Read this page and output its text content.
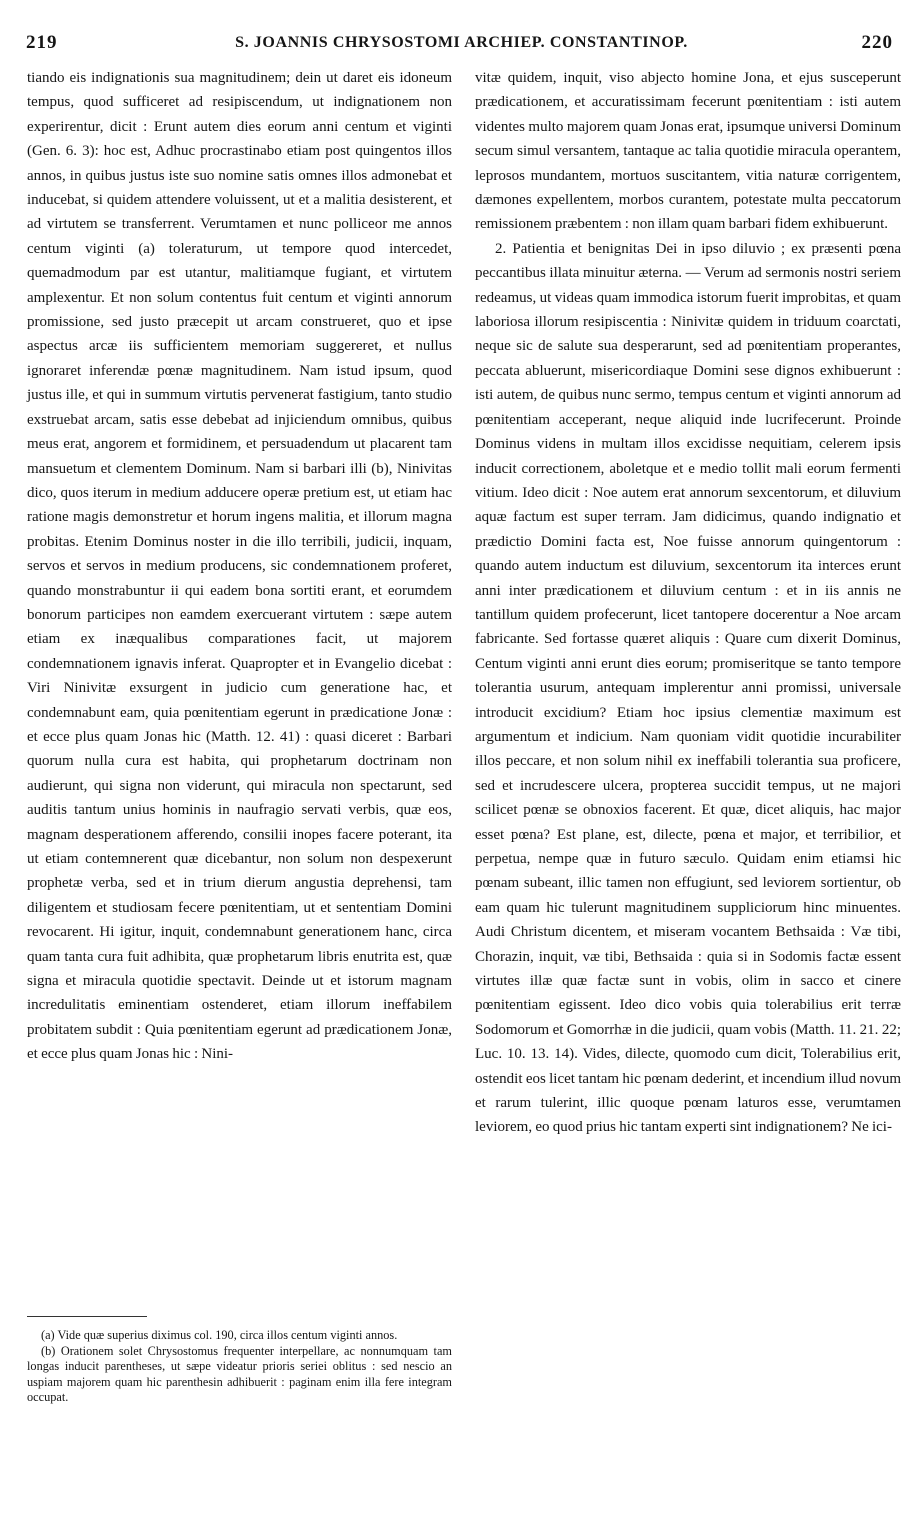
219	S. JOANNIS CHRYSOSTOMI ARCHIEP. CONSTANTINOP.	220

tiando eis indignationis sua magnitudinem; dein ut daret eis idoneum tempus, quod sufficeret ad resipiscendum, ut indignationem non experirentur, dicit : Erunt autem dies eorum anni centum et viginti (Gen. 6. 3): hoc est, Adhuc procrastinabo etiam post quingentos illos annos, in quibus justus iste suo nomine satis omnes illos admonebat et inducebat, si quidem attendere voluissent, ut et a malitia desisterent, et ad virtutem se transferrent. Verumtamen et nunc polliceor me annos centum viginti (a) toleraturum, ut tempore quod intercedet, quemadmodum par est utantur, malitiamque fugiant, et virtutem amplexentur. Et non solum contentus fuit centum et viginti annorum promissione, sed justo præcepit ut arcam construeret, quo et ipse aspectus arcæ iis sufficientem memoriam suggereret, et nullus ignoraret inferendæ pœnæ magnitudinem. Nam istud ipsum, quod justus ille, et qui in summum virtutis pervenerat fastigium, tanto studio exstruebat arcam, satis esse debebat ad injiciendum omnibus, quibus meus erat, angorem et formidinem, et persuadendum ut placarent tam mansuetum et clementem Dominum. Nam si barbari illi (b), Ninivitas dico, quos iterum in medium adducere operæ pretium est, ut etiam hac ratione magis demonstretur et horum ingens malitia, et illorum magna probitas. Etenim Dominus noster in die illo terribili, judicii, inquam, servos et servos in medium producens, sic condemnationem proferet, quando monstrabuntur ii qui eadem bona sortiti erant, et eorumdem bonorum participes non eamdem exercuerant virtutem : sæpe autem etiam ex inæqualibus comparationes facit, ut majorem condemnationem ignavis inferat. Quapropter et in Evangelio dicebat : Viri Ninivitæ exsurgent in judicio cum generatione hac, et condemnabunt eam, quia pœnitentiam egerunt in prædicatione Jonæ : et ecce plus quam Jonas hic (Matth. 12. 41) : quasi diceret : Barbari quorum nulla cura est habita, qui prophetarum doctrinam non audierunt, qui signa non viderunt, qui miracula non spectarunt, sed auditis tantum unius hominis in naufragio servati verbis, quæ eos, magnam desperationem afferendo, consilii inopes facere poterant, ita ut etiam contemnerent quæ dicebantur, non solum non despexerunt prophetæ verba, sed et in trium dierum angustia deprehensi, tam diligentem et studiosam fecere pœnitentiam, ut et sententiam Domini revocarent. Hi igitur, inquit, condemnabunt generationem hanc, circa quam tanta cura fuit adhibita, quæ prophetarum libris enutrita est, quæ signa et miracula quotidie spectavit. Deinde ut et istorum magnam incredulitatis eminentiam ostenderet, etiam illorum ineffabilem probitatem subdit : Quia pœnitentiam egerunt ad prædicationem Jonæ, et ecce plus quam Jonas hic : Nini-

vitæ quidem, inquit, viso abjecto homine Jona, et ejus susceperunt prædicationem, et accuratissimam fecerunt pœnitentiam : isti autem videntes multo majorem quam Jonas erat, ipsumque universi Dominum secum simul versantem, tantaque ac talia quotidie miracula operantem, leprosos mundantem, mortuos suscitantem, vitia naturæ corrigentem, dæmones expellentem, morbos curantem, potestate multa peccatorum remissionem præbentem : non illam quam barbari fidem exhibuerunt.

2. Patientia et benignitas Dei in ipso diluvio ; ex præsenti pœna peccantibus illata minuitur æterna. — Verum ad sermonis nostri seriem redeamus, ut videas quam immodica istorum fuerit improbitas, et quam laboriosa illorum resipiscentia : Ninivitæ quidem in triduum coarctati, neque sic de salute sua desperarunt, sed ad pœnitentiam properantes, peccata abluerunt, misericordiaque Domini sese dignos exhibuerunt : isti autem, de quibus nunc sermo, tempus centum et viginti annorum ad pœnitentiam acceperant, neque aliquid inde lucrifecerunt. Proinde Dominus videns in multam illos excidisse nequitiam, celerem ipsis inducit correctionem, aboletque et e medio tollit mali eorum fermenti vitium. Ideo dicit : Noe autem erat annorum sexcentorum, et diluvium aquæ factum est super terram. Jam didicimus, quando indignatio et prædictio Domini facta est, Noe fuisse annorum quingentorum : quando autem inductum est diluvium, sexcentorum ita interces erunt anni inter prædicationem et diluvium centum : et in iis annis ne tantillum quidem profecerunt, licet tantopere docerentur a Noe arcam fabricante. Sed fortasse quæret aliquis : Quare cum dixerit Dominus, Centum viginti anni erunt dies eorum; promiseritque se tanto tempore tolerantia usurum, antequam implerentur anni promissi, universale introducit excidium? Etiam hoc ipsius clementiæ maximum est argumentum et indicium. Nam quoniam vidit quotidie incurabiliter illos peccare, et non solum nihil ex ineffabili tolerantia sua proficere, sed et incrudescere ulcera, propterea succidit tempus, ut ne majori scilicet pœnæ se obnoxios facerent. Et quæ, dicet aliquis, hac major esset pœna? Est plane, est, dilecte, pœna et major, et terribilior, et perpetua, nempe quæ in futuro sæculo. Quidam enim etiamsi hic pœnam subeant, illic tamen non effugiunt, sed leviorem sortientur, ob eam quam hic tulerunt magnitudinem suppliciorum hinc minuentes. Audi Christum dicentem, et miseram vocantem Bethsaida : Væ tibi, Chorazin, inquit, væ tibi, Bethsaida : quia si in Sodomis factæ essent virtutes illæ quæ factæ sunt in vobis, olim in sacco et cinere pœnitentiam egissent. Ideo dico vobis quia tolerabilius erit terræ Sodomorum et Gomorrhæ in die judicii, quam vobis (Matth. 11. 21. 22; Luc. 10. 13. 14). Vides, dilecte, quomodo cum dicit, Tolerabilius erit, ostendit eos licet tantam hic pœnam dederint, et incendium illud novum et rarum tulerint, illic quoque pœnam laturos esse, verumtamen leviorem, eo quod prius hic tantam experti sint indignationem? Ne ici-

(a) Vide quæ superius diximus col. 190, circa illos centum viginti annos.

(b) Orationem solet Chrysostomus frequenter interpellare, ac nonnumquam tam longas inducit parentheses, ut sæpe videatur prioris seriei oblitus : sed nescio an uspiam majorem quam hic parenthesin adhibuerit : paginam enim illa fere integram occupat.
